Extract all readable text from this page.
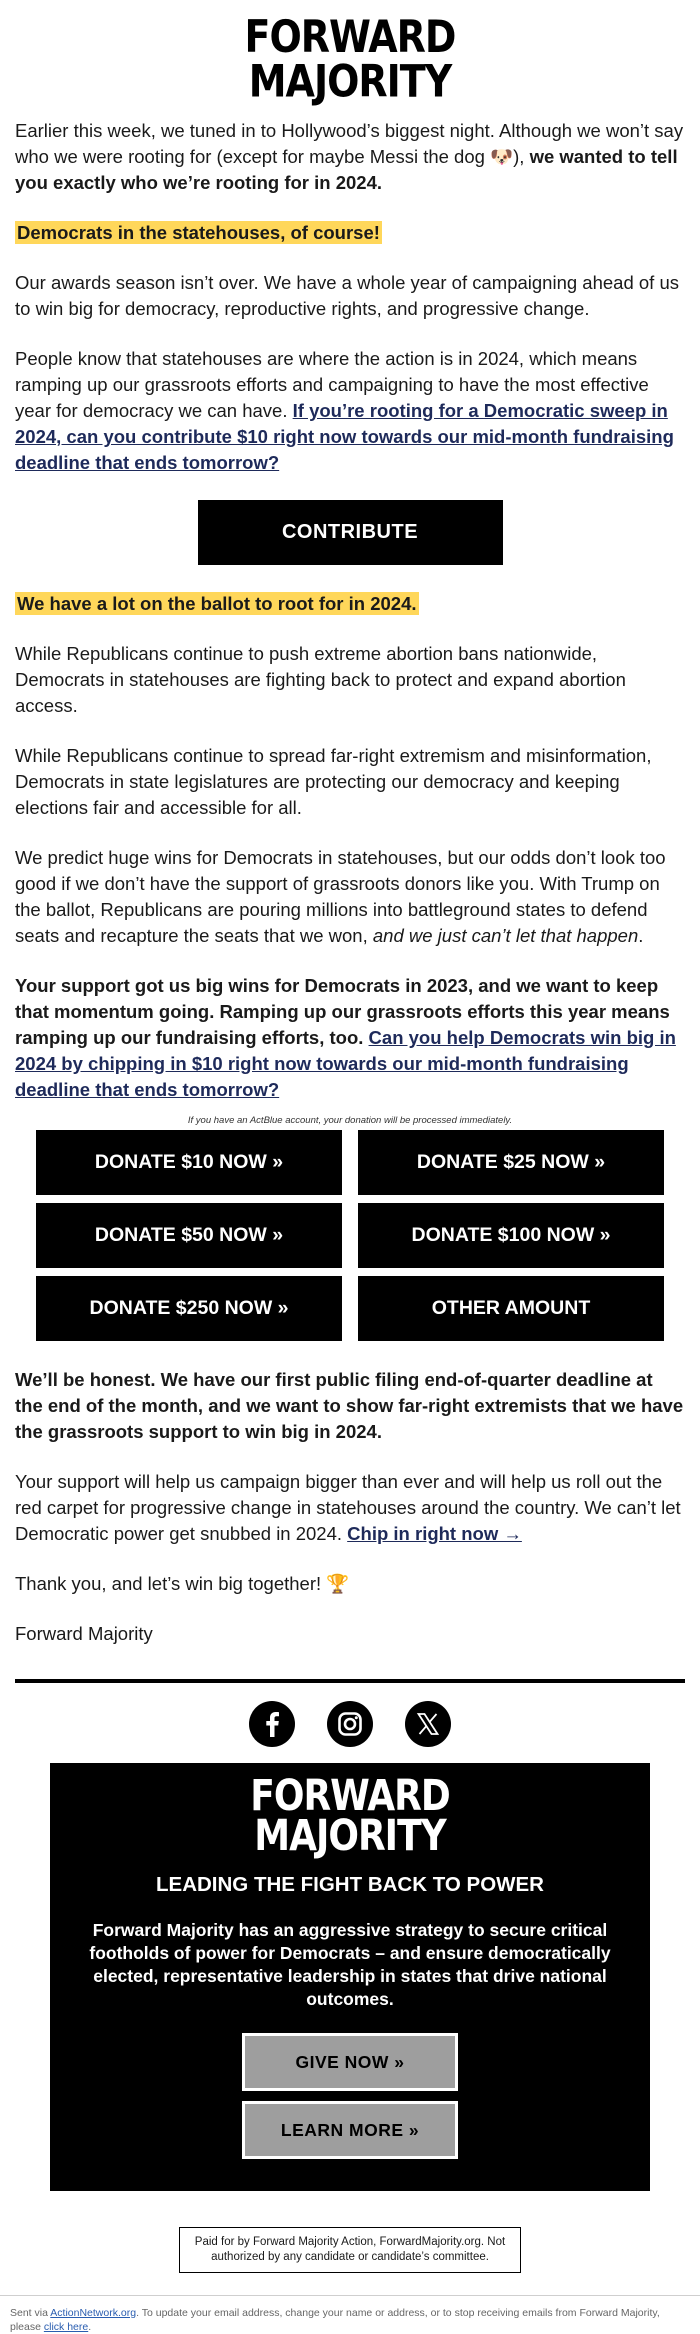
FORWARD
MAJORITY

Earlier this week, we tuned in to Hollywood’s biggest night. Although we won’t say who we were rooting for (except for maybe Messi the dog 🐶), we wanted to tell you exactly who we’re rooting for in 2024.

Democrats in the statehouses, of course!

Our awards season isn’t over. We have a whole year of campaigning ahead of us to win big for democracy, reproductive rights, and progressive change.

People know that statehouses are where the action is in 2024, which means ramping up our grassroots efforts and campaigning to have the most effective year for democracy we can have. If you’re rooting for a Democratic sweep in 2024, can you contribute $10 right now towards our mid-month fundraising deadline that ends tomorrow?

CONTRIBUTE

We have a lot on the ballot to root for in 2024.

While Republicans continue to push extreme abortion bans nationwide, Democrats in statehouses are fighting back to protect and expand abortion access.

While Republicans continue to spread far-right extremism and misinformation, Democrats in state legislatures are protecting our democracy and keeping elections fair and accessible for all.

We predict huge wins for Democrats in statehouses, but our odds don’t look too good if we don’t have the support of grassroots donors like you. With Trump on the ballot, Republicans are pouring millions into battleground states to defend seats and recapture the seats that we won, and we just can’t let that happen.

Your support got us big wins for Democrats in 2023, and we want to keep that momentum going. Ramping up our grassroots efforts this year means ramping up our fundraising efforts, too. Can you help Democrats win big in 2024 by chipping in $10 right now towards our mid-month fundraising deadline that ends tomorrow?

If you have an ActBlue account, your donation will be processed immediately.
DONATE $10 NOW »	DONATE $25 NOW »
DONATE $50 NOW »	DONATE $100 NOW »
DONATE $250 NOW »	OTHER AMOUNT

We’ll be honest. We have our first public filing end-of-quarter deadline at the end of the month, and we want to show far-right extremists that we have the grassroots support to win big in 2024.

Your support will help us campaign bigger than ever and will help us roll out the red carpet for progressive change in statehouses around the country. We can’t let Democratic power get snubbed in 2024. Chip in right now →

Thank you, and let’s win big together! 🏆

Forward Majority

FORWARD
MAJORITY
LEADING THE FIGHT BACK TO POWER
Forward Majority has an aggressive strategy to secure critical footholds of power for Democrats – and ensure democratically elected, representative leadership in states that drive national outcomes.
GIVE NOW »
LEARN MORE »
Paid for by Forward Majority Action, ForwardMajority.org. Not authorized by any candidate or candidate’s committee.
Sent via ActionNetwork.org. To update your email address, change your name or address, or to stop receiving emails from Forward Majority, please click here.
